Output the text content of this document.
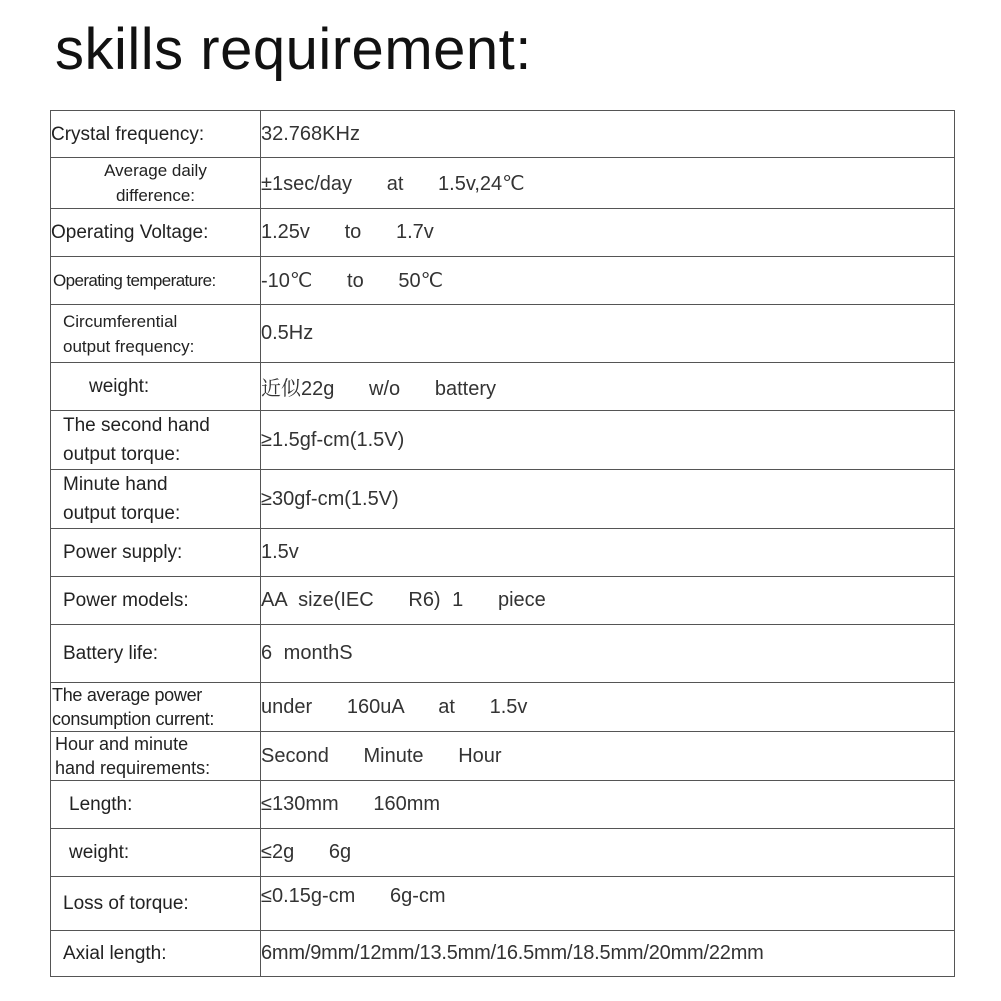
skills requirement:
Crystal frequency:	32.768KHz
Average daily
difference:	±1sec/day   at   1.5v,24℃
Operating Voltage:	1.25v   to   1.7v
Operating temperature:	-10℃   to   50℃
Circumferential
output frequency:	0.5Hz
weight:	近似22g   w/o   battery
The second hand
output torque:	≥1.5gf-cm(1.5V)
Minute hand
output torque:	≥30gf-cm(1.5V)
Power supply:	1.5v
Power models:	AA size(IEC   R6) 1   piece
Battery life:	6 monthS
The average power
consumption current:	under   160uA   at   1.5v
Hour and minute
hand requirements:	Second   Minute   Hour
Length:	≤130mm   160mm
weight:	≤2g   6g
Loss of torque:	≤0.15g-cm   6g-cm
Axial length:	6mm/9mm/12mm/13.5mm/16.5mm/18.5mm/20mm/22mm
